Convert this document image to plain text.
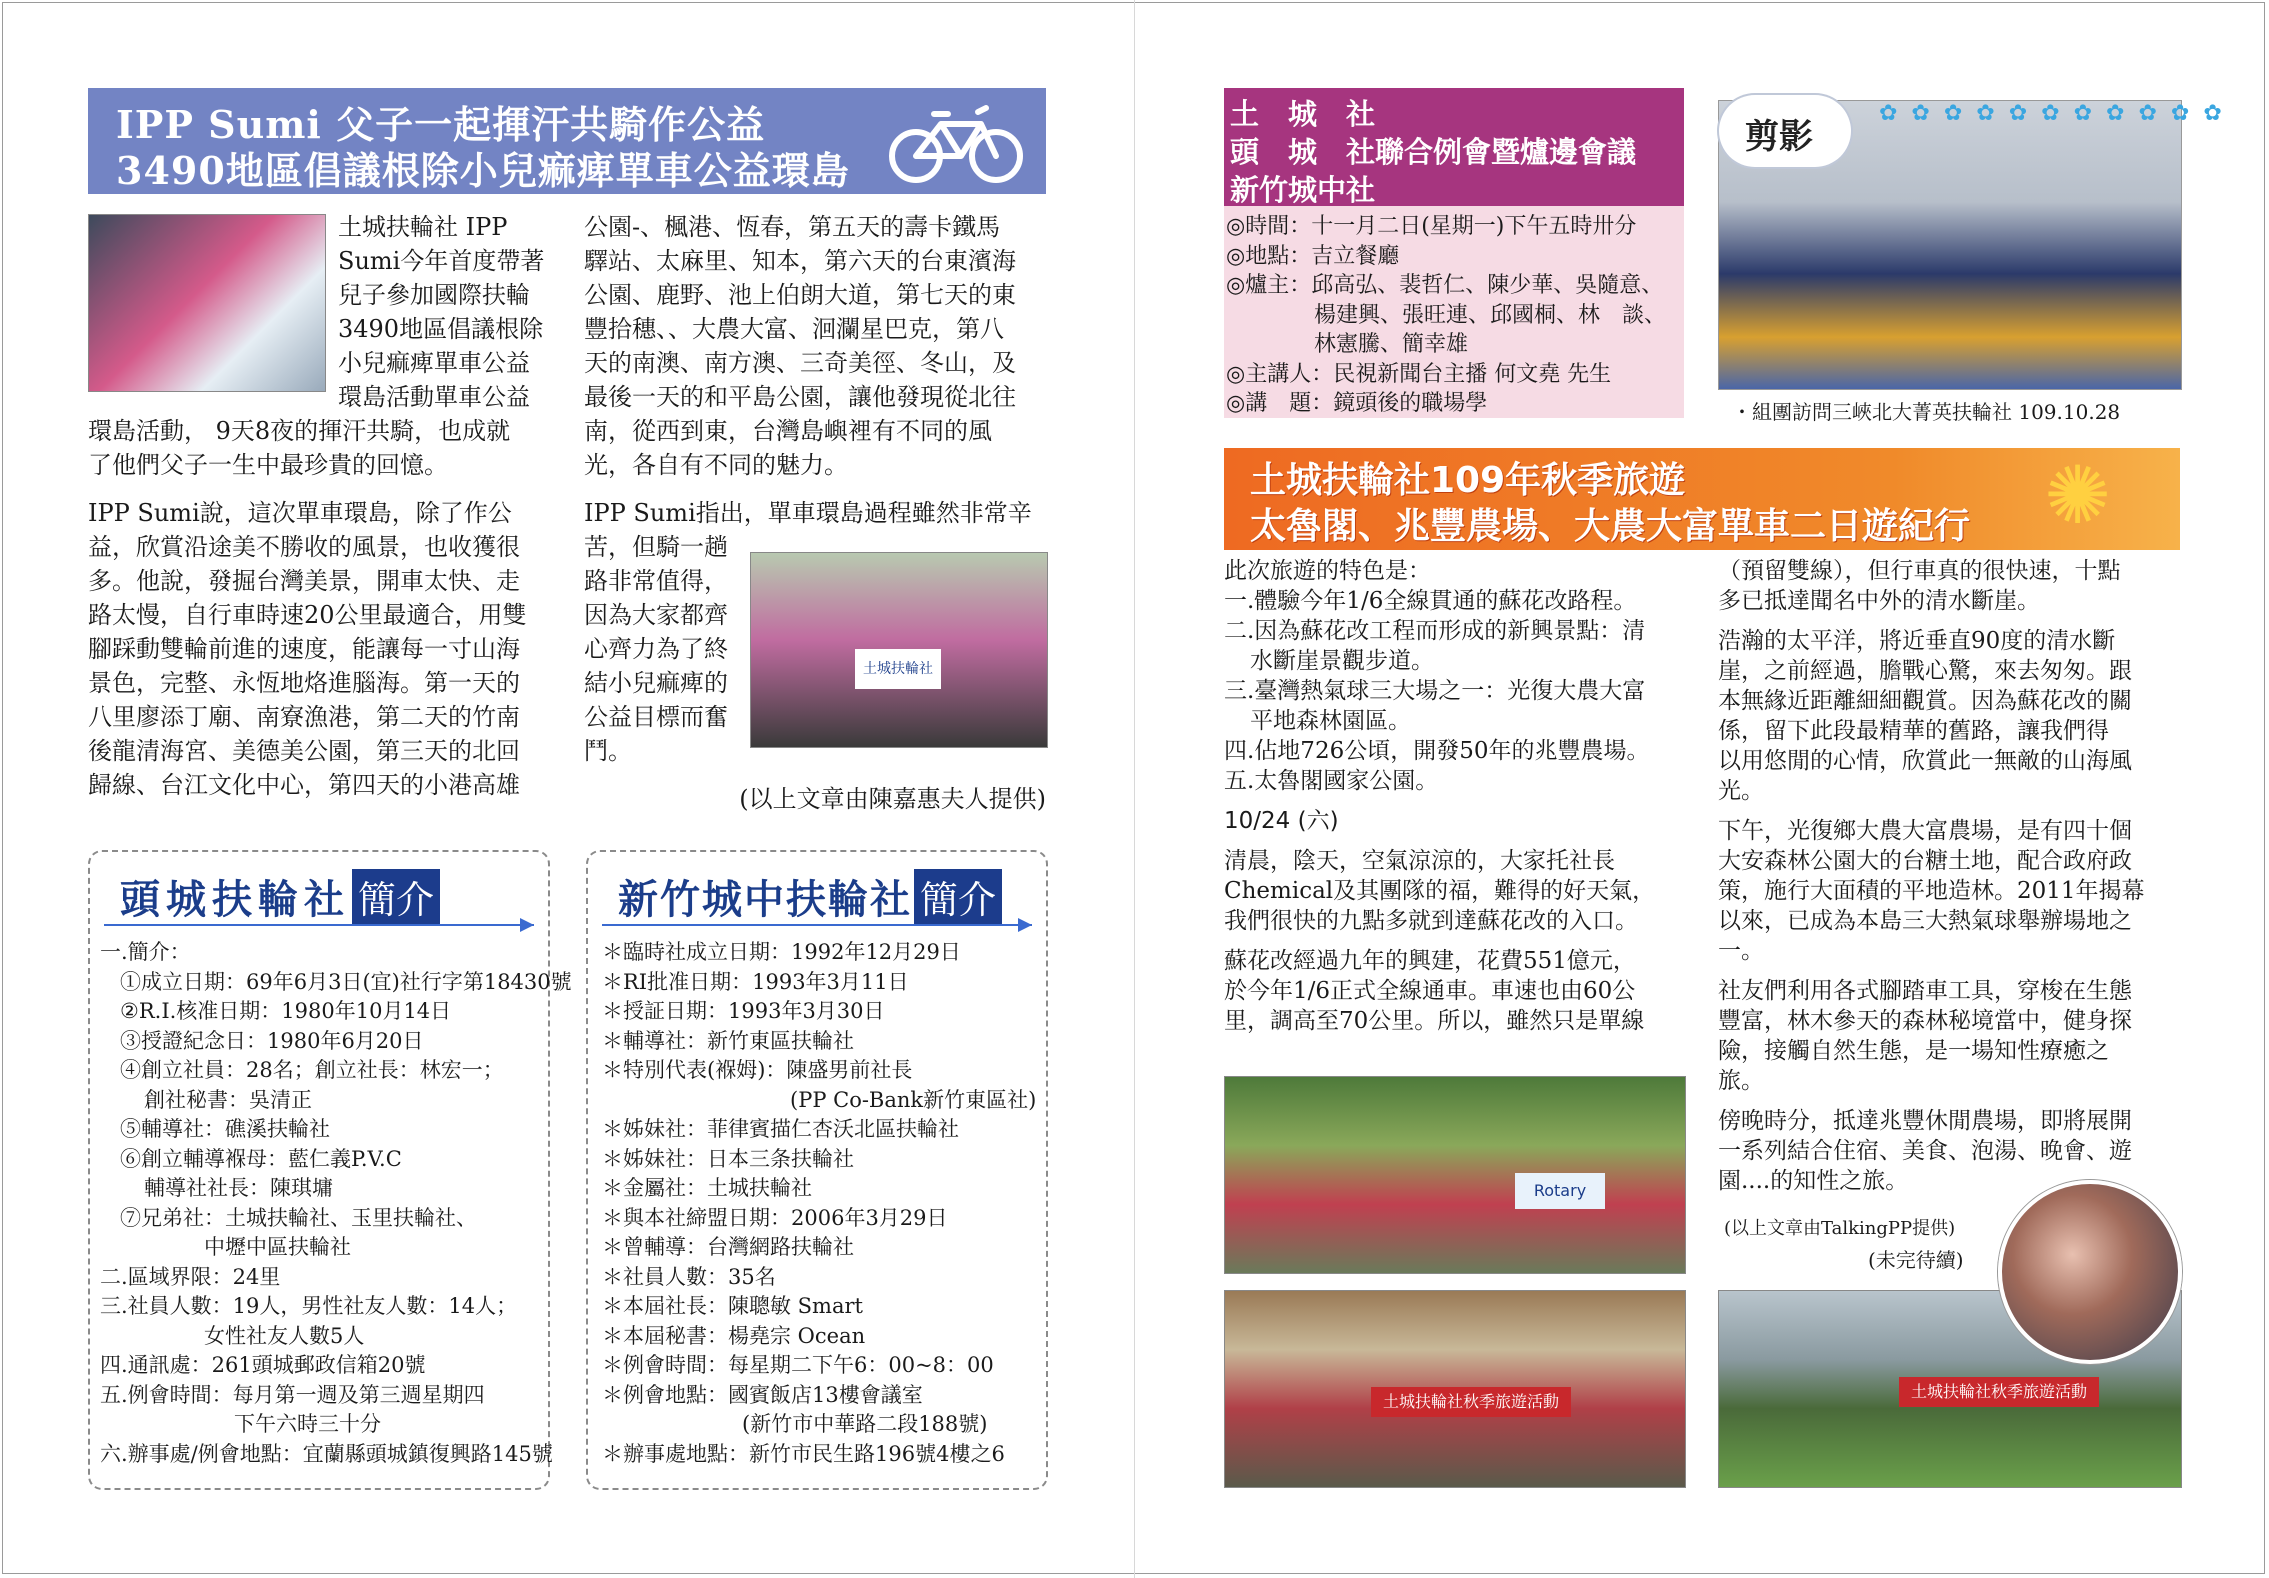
IPP Sumi 父子一起揮汗共騎作公益
3490地區倡議根除小兒痲痺單車公益環島
土城扶輪社 IPP
Sumi今年首度帶著
兒子參加國際扶輪
3490地區倡議根除
小兒痲痺單車公益
環島活動單車公益
環島活動， 9天8夜的揮汗共騎，也成就
了他們父子一生中最珍貴的回憶。
IPP Sumi說，這次單車環島，除了作公
益，欣賞沿途美不勝收的風景，也收獲很
多。他說，發掘台灣美景，開車太快、走
路太慢，自行車時速20公里最適合，用雙
腳踩動雙輪前進的速度，能讓每一寸山海
景色，完整、永恆地烙進腦海。第一天的
八里廖添丁廟、南寮漁港，第二天的竹南
後龍清海宮、美德美公園，第三天的北回
歸線、台江文化中心，第四天的小港高雄
公園-、楓港、恆春，第五天的壽卡鐵馬
驛站、太麻里、知本，第六天的台東濱海
公園、鹿野、池上伯朗大道，第七天的東
豐拾穗、、大農大富、洄瀾星巴克，第八
天的南澳、南方澳、三奇美徑、冬山，及
最後一天的和平島公園，讓他發現從北往
南，從西到東，台灣島嶼裡有不同的風
光，各自有不同的魅力。
IPP Sumi指出，單車環島過程雖然非常辛
苦，但騎一趟
路非常值得，
因為大家都齊
心齊力為了終
結小兒痲痺的
公益目標而奮
鬥。
土城扶輪社
(以上文章由陳嘉惠夫人提供)
頭城扶輪社 簡介
一.簡介：
①成立日期：69年6月3日(宜)社行字第18430號
②R.I.核准日期：1980年10月14日
③授證紀念日：1980年6月20日
④創立社員：28名；創立社長：林宏一；
創社秘書：吳清正
⑤輔導社：礁溪扶輪社
⑥創立輔導褓母：藍仁義P.V.C
輔導社社長：陳琪墉
⑦兄弟社：土城扶輪社、玉里扶輪社、
中壢中區扶輪社
二.區域界限：24里
三.社員人數：19人，男性社友人數：14人；
女性社友人數5人
四.通訊處：261頭城郵政信箱20號
五.例會時間：每月第一週及第三週星期四
下午六時三十分
六.辦事處/例會地點：宜蘭縣頭城鎮復興路145號
新竹城中扶輪社 簡介
＊臨時社成立日期：1992年12月29日
＊RI批准日期：1993年3月11日
＊授証日期：1993年3月30日
＊輔導社：新竹東區扶輪社
＊特別代表(褓姆)：陳盛男前社長
(PP Co-Bank新竹東區社)
＊姊妹社：菲律賓描仁杏沃北區扶輪社
＊姊妹社：日本三条扶輪社
＊金屬社：土城扶輪社
＊與本社締盟日期：2006年3月29日
＊曾輔導：台灣網路扶輪社
＊社員人數：35名
＊本屆社長：陳聰敏 Smart
＊本屆秘書：楊堯宗 Ocean
＊例會時間：每星期二下午6：00~8：00
＊例會地點：國賓飯店13樓會議室
(新竹市中華路二段188號)
＊辦事處地點：新竹市民生路196號4樓之6
土　城　社
頭　城　社聯合例會暨爐邊會議
新竹城中社
◎時間：十一月二日(星期一)下午五時卅分
◎地點：吉立餐廳
◎爐主：邱高弘、裴哲仁、陳少華、吳隨意、
楊建興、張旺連、邱國桐、林　談、
林憲騰、簡幸雄
◎主講人：民視新聞台主播 何文堯 先生
◎講　題：鏡頭後的職場學
剪影
✿✿✿✿✿✿✿✿✿✿✿
・組團訪問三峽北大菁英扶輪社 109.10.28
土城扶輪社109年秋季旅遊
太魯閣、兆豐農場、大農大富單車二日遊紀行 ✺
此次旅遊的特色是：
一.體驗今年1/6全線貫通的蘇花改路程。
二.因為蘇花改工程而形成的新興景點：清
水斷崖景觀步道。
三.臺灣熱氣球三大場之一：光復大農大富
平地森林園區。
四.佔地726公頃，開發50年的兆豐農場。
五.太魯閣國家公園。
10/24 (六)
清晨，陰天，空氣涼涼的，大家托社長
Chemical及其團隊的福，難得的好天氣，
我們很快的九點多就到達蘇花改的入口。
蘇花改經過九年的興建，花費551億元，
於今年1/6正式全線通車。車速也由60公
里，調高至70公里。所以，雖然只是單線
Rotary
土城扶輪社秋季旅遊活動
（預留雙線），但行車真的很快速，十點
多已抵達聞名中外的清水斷崖。
浩瀚的太平洋，將近垂直90度的清水斷
崖，之前經過，膽戰心驚，來去匆匆。跟
本無緣近距離細細觀賞。因為蘇花改的關
係，留下此段最精華的舊路，讓我們得
以用悠閒的心情，欣賞此一無敵的山海風
光。
下午，光復鄉大農大富農場，是有四十個
大安森林公園大的台糖土地，配合政府政
策，施行大面積的平地造林。2011年揭幕
以來，已成為本島三大熱氣球舉辦場地之
一。
社友們利用各式腳踏車工具，穿梭在生態
豐富，林木參天的森林秘境當中，健身探
險，接觸自然生態，是一場知性療癒之
旅。
傍晚時分，抵達兆豐休閒農場，即將展開
一系列結合住宿、美食、泡湯、晚會、遊
園....的知性之旅。
(以上文章由TalkingPP提供)
(未完待續)
土城扶輪社秋季旅遊活動
